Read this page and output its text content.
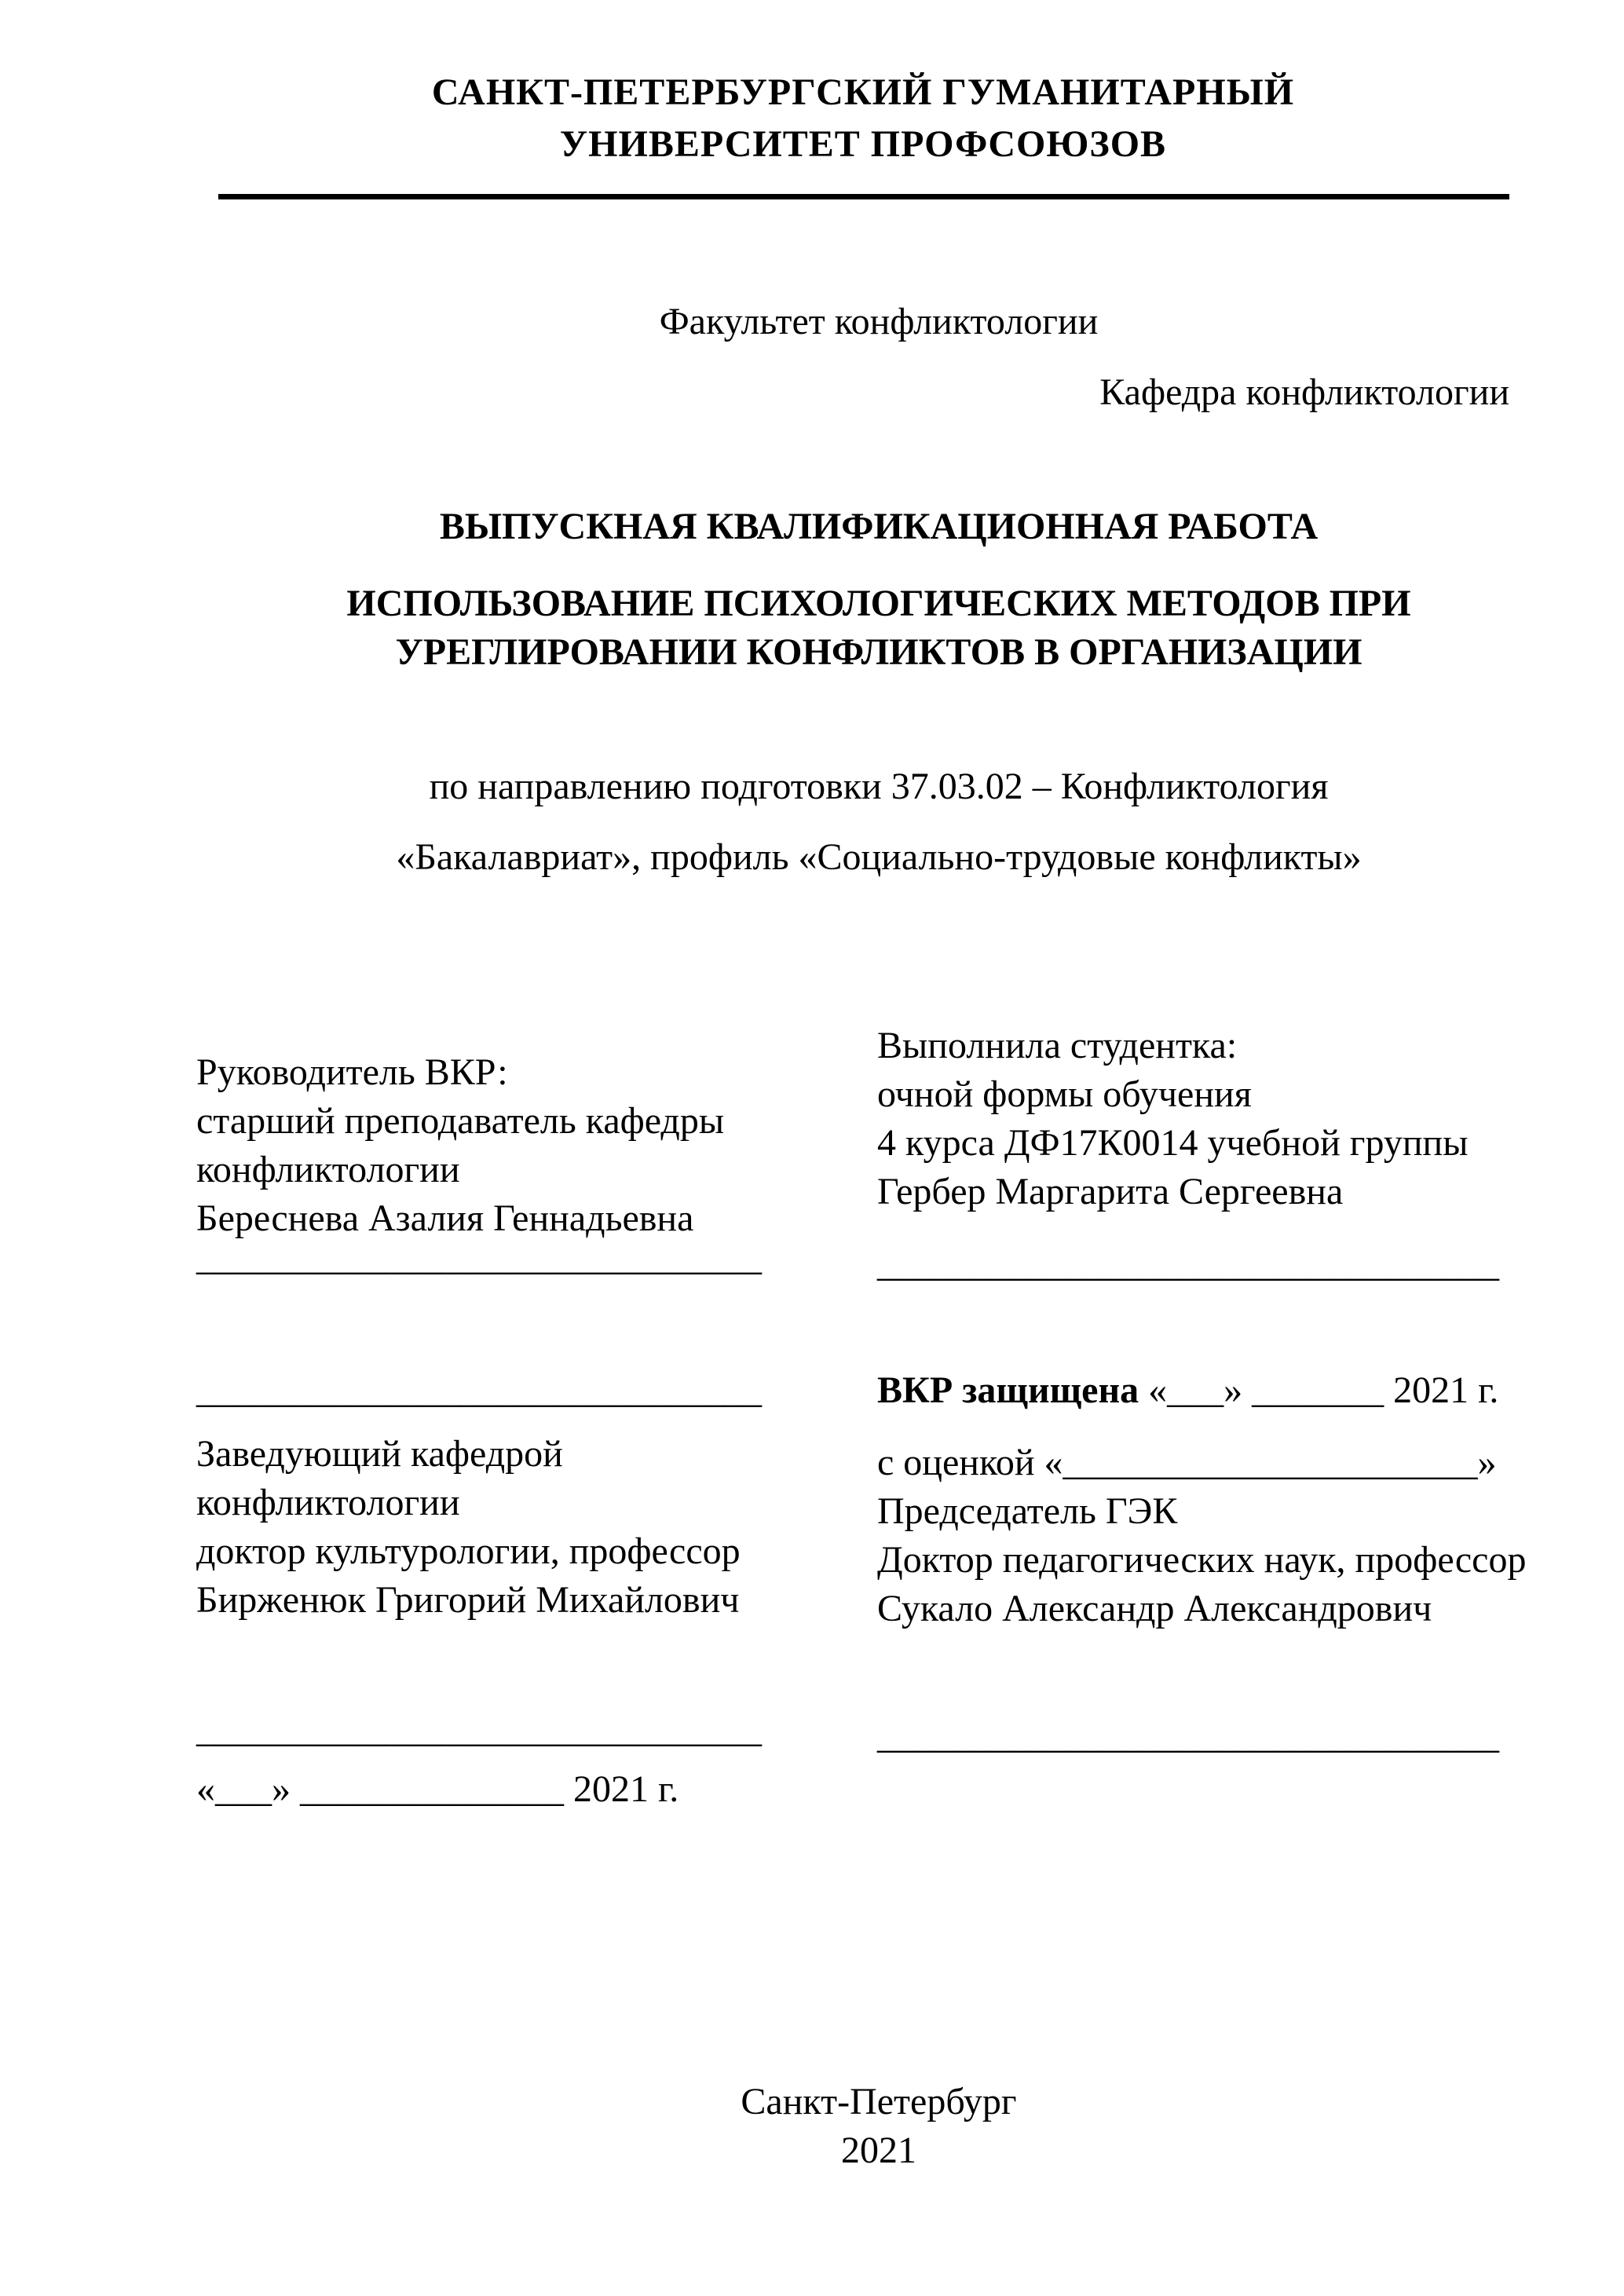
САНКТ-ПЕТЕРБУРГСКИЙ ГУМАНИТАРНЫЙ
УНИВЕРСИТЕТ ПРОФСОЮЗОВ
Факультет конфликтологии
Кафедра конфликтологии
ВЫПУСКНАЯ КВАЛИФИКАЦИОННАЯ РАБОТА
ИСПОЛЬЗОВАНИЕ ПСИХОЛОГИЧЕСКИХ МЕТОДОВ ПРИ
УРЕГЛИРОВАНИИ КОНФЛИКТОВ В ОРГАНИЗАЦИИ
по направлению подготовки 37.03.02 – Конфликтология
«Бакалавриат», профиль «Социально-трудовые конфликты»
Руководитель ВКР:
старший преподаватель кафедры
конфликтологии
Береснева Азалия Геннадьевна
______________________________
______________________________
Заведующий кафедрой
конфликтологии
доктор культурологии, профессор
Бирженюк Григорий Михайлович
______________________________
«___» ______________ 2021 г.
Выполнила студентка:
очной формы обучения
4 курса ДФ17К0014 учебной группы
Гербер Маргарита Сергеевна
_________________________________
ВКР защищена «___» _______ 2021 г.
с оценкой «______________________»
Председатель ГЭК
Доктор педагогических наук, профессор
Сукало Александр Александрович
_________________________________
Санкт-Петербург
2021
